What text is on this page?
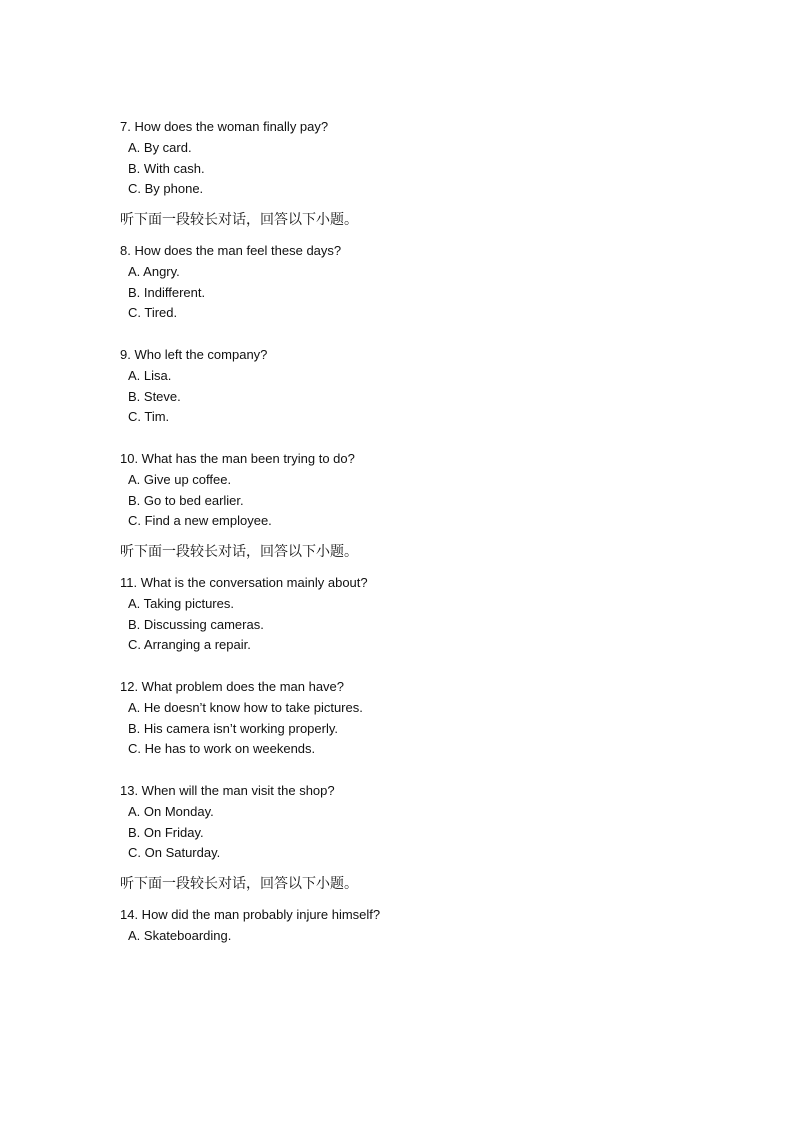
7. How does the woman finally pay?
A. By card.
B. With cash.
C. By phone.
听下面一段较长对话，回答以下小题。
8. How does the man feel these days?
A. Angry.
B. Indifferent.
C. Tired.
9. Who left the company?
A. Lisa.
B. Steve.
C. Tim.
10. What has the man been trying to do?
A. Give up coffee.
B. Go to bed earlier.
C. Find a new employee.
听下面一段较长对话，回答以下小题。
11. What is the conversation mainly about?
A. Taking pictures.
B. Discussing cameras.
C. Arranging a repair.
12. What problem does the man have?
A. He doesn’t know how to take pictures.
B. His camera isn’t working properly.
C. He has to work on weekends.
13. When will the man visit the shop?
A. On Monday.
B. On Friday.
C. On Saturday.
听下面一段较长对话，回答以下小题。
14. How did the man probably injure himself?
A. Skateboarding.
